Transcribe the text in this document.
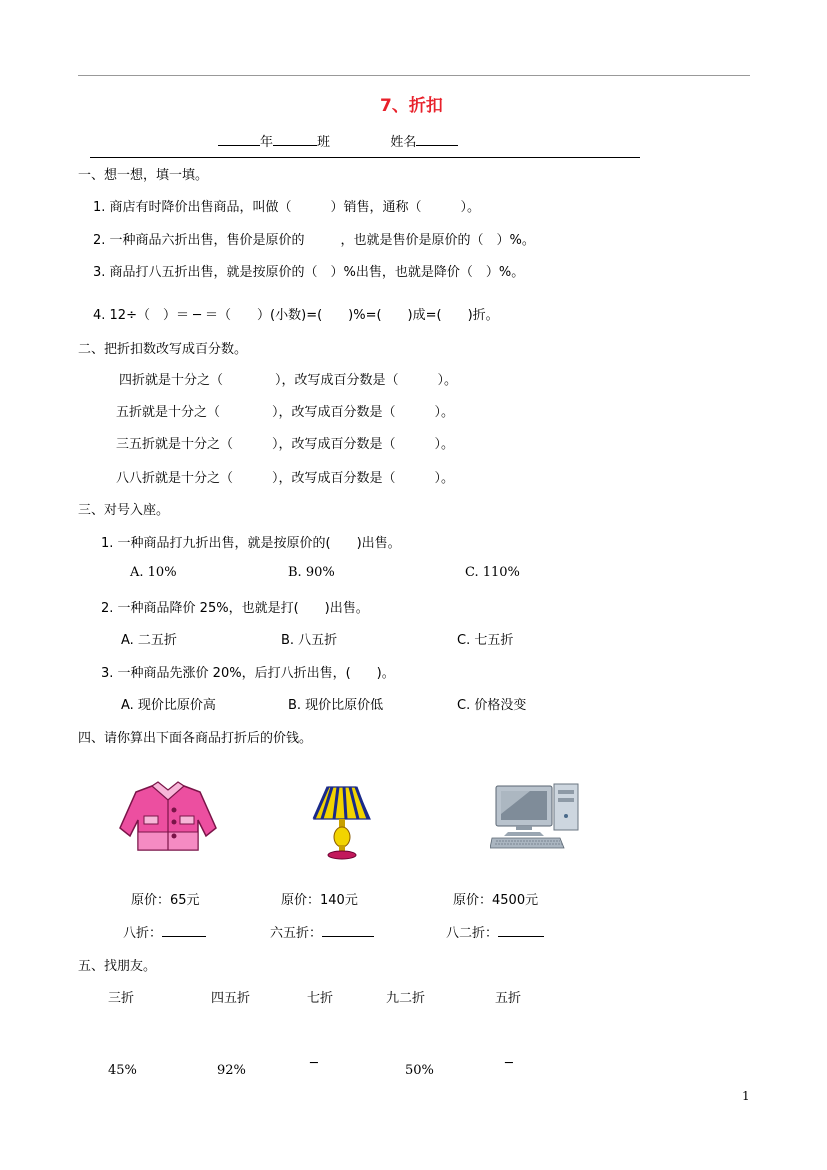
7、折扣
年	班	姓名
一、想一想，填一填。
1. 商店有时降价出售商品，叫做（　　　）销售，通称（　　　）。
2. 一种商品六折出售，售价是原价的	，也就是售价是原价的（　）%。
3. 商品打八五折出售，就是按原价的（　）%出售，也就是降价（　）%。
4. 12÷（　）＝ ─ ＝（　　）(小数)=(　　)%=(　　)成=(　　)折。
二、把折扣数改写成百分数。
四折就是十分之（　　　　），改写成百分数是（　　　）。
五折就是十分之（　　　　），改写成百分数是（　　　）。
三五折就是十分之（　　　），改写成百分数是（　　　）。
八八折就是十分之（　　　），改写成百分数是（　　　）。
三、对号入座。
1. 一种商品打九折出售，就是按原价的(　　)出售。
A. 10%	B. 90%	C. 110%
2. 一种商品降价 25%，也就是打(　　)出售。
A. 二五折	B. 八五折	C. 七五折
3. 一种商品先涨价 20%，后打八折出售，(　　)。
A. 现价比原价高	B. 现价比原价低	C. 价格没变
四、请你算出下面各商品打折后的价钱。
原价：65元	原价：140元	原价：4500元
八折：	六五折：	八二折：
五、找朋友。
三折	四五折	七折	九二折	五折
45%	92%	─	50%	─
1
